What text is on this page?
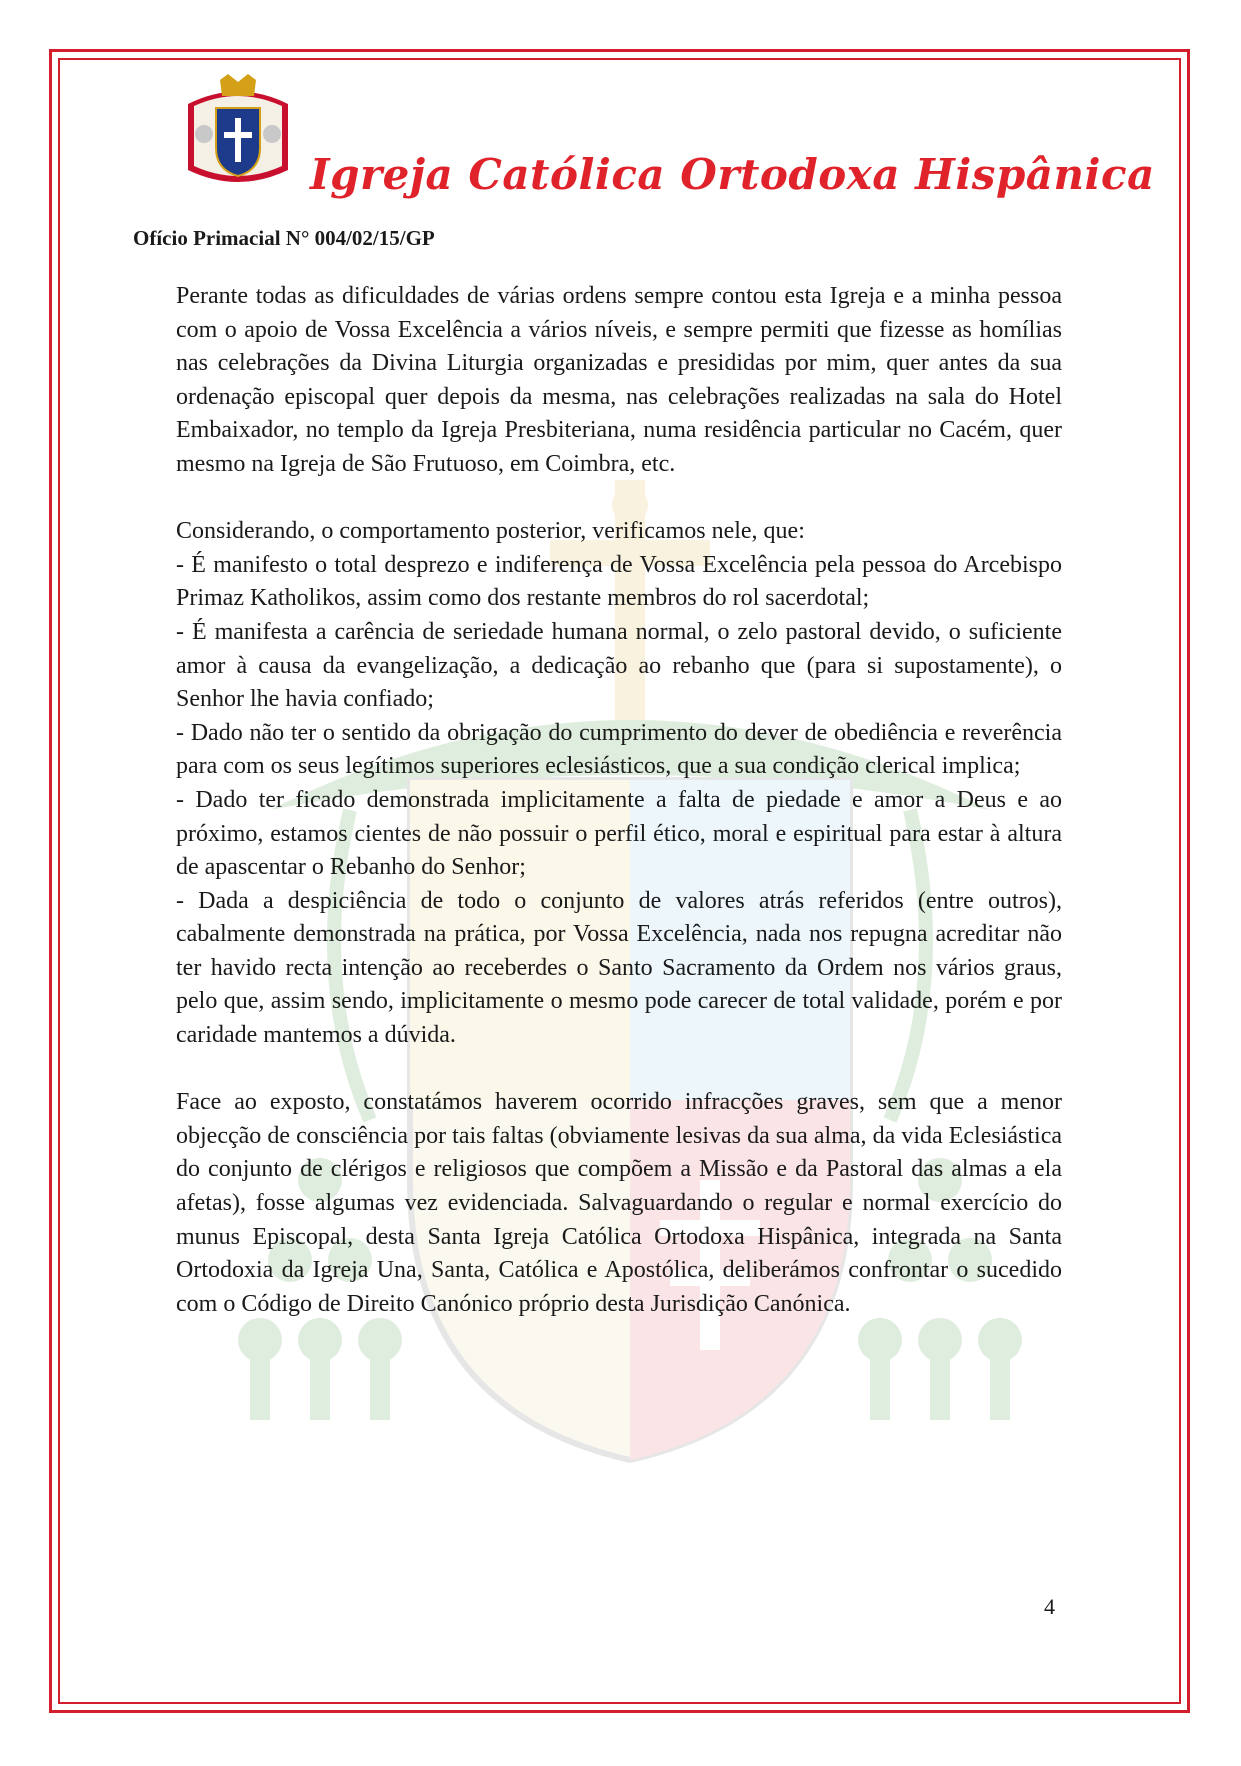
Igreja Católica Ortodoxa Hispânica
Ofício Primacial N° 004/02/15/GP

Perante todas as dificuldades de várias ordens sempre contou esta Igreja e a minha pessoa com o apoio de Vossa Excelência a vários níveis, e sempre permiti que fizesse as homílias nas celebrações da Divina Liturgia organizadas e presididas por mim, quer antes da sua ordenação episcopal quer depois da mesma, nas celebrações realizadas na sala do Hotel Embaixador, no templo da Igreja Presbiteriana, numa residência particular no Cacém, quer mesmo na Igreja de São Frutuoso, em Coimbra, etc.

Considerando, o comportamento posterior, verificamos nele, que:

- É manifesto o total desprezo e indiferença de Vossa Excelência pela pessoa do Arcebispo Primaz Katholikos, assim como dos restante membros do rol sacerdotal;

- É manifesta a carência de seriedade humana normal, o zelo pastoral devido, o suficiente amor à causa da evangelização, a dedicação ao rebanho que (para si supostamente), o Senhor lhe havia confiado;

- Dado não ter o sentido da obrigação do cumprimento do dever de obediência e reverência para com os seus legítimos superiores eclesiásticos, que a sua condição clerical implica;

- Dado ter ficado demonstrada implicitamente a falta de piedade e amor a Deus e ao próximo, estamos cientes de não possuir o perfil ético, moral e espiritual para estar à altura de apascentar o Rebanho do Senhor;

- Dada a despiciência de todo o conjunto de valores atrás referidos (entre outros), cabalmente demonstrada na prática, por Vossa Excelência, nada nos repugna acreditar não ter havido recta intenção ao receberdes o Santo Sacramento da Ordem nos vários graus, pelo que, assim sendo, implicitamente o mesmo pode carecer de total validade, porém e por caridade mantemos a dúvida.

Face ao exposto, constatámos haverem ocorrido infracções graves, sem que a menor objecção de consciência por tais faltas (obviamente lesivas da sua alma, da vida Eclesiástica do conjunto de clérigos e religiosos que compõem a Missão e da Pastoral das almas a ela afetas), fosse algumas vez evidenciada. Salvaguardando o regular e normal exercício do munus Episcopal, desta Santa Igreja Católica Ortodoxa Hispânica, integrada na Santa Ortodoxia da Igreja Una, Santa, Católica e Apostólica, deliberámos confrontar o sucedido com o Código de Direito Canónico próprio desta Jurisdição Canónica.

4
